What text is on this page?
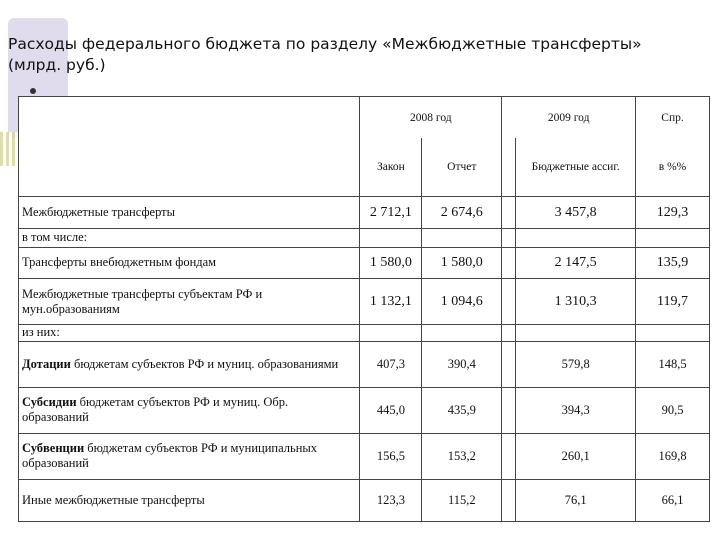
Расходы федерального бюджета по разделу «Межбюджетные трансферты» (млрд. руб.)
	2008 год		2009 год		Спр.
	Закон	Отчет		Бюджетные ассиг.	в %%
Межбюджетные трансферты	2 712,1	2 674,6		3 457,8	129,3
в том числе:					
Трансферты внебюджетным фондам	1 580,0	1 580,0		2 147,5	135,9
Межбюджетные трансферты субъектам РФ и мун.образованиям	1 132,1	1 094,6		1 310,3	119,7
из них:					
Дотации бюджетам субъектов РФ и муниц. образованиями	407,3	390,4		579,8	148,5
Субсидии бюджетам субъектов РФ и муниц. Обр. образований	445,0	435,9		394,3	90,5
Субвенции бюджетам субъектов РФ и муниципальных образований	156,5	153,2		260,1	169,8
Иные межбюджетные трансферты	123,3	115,2		76,1	66,1
